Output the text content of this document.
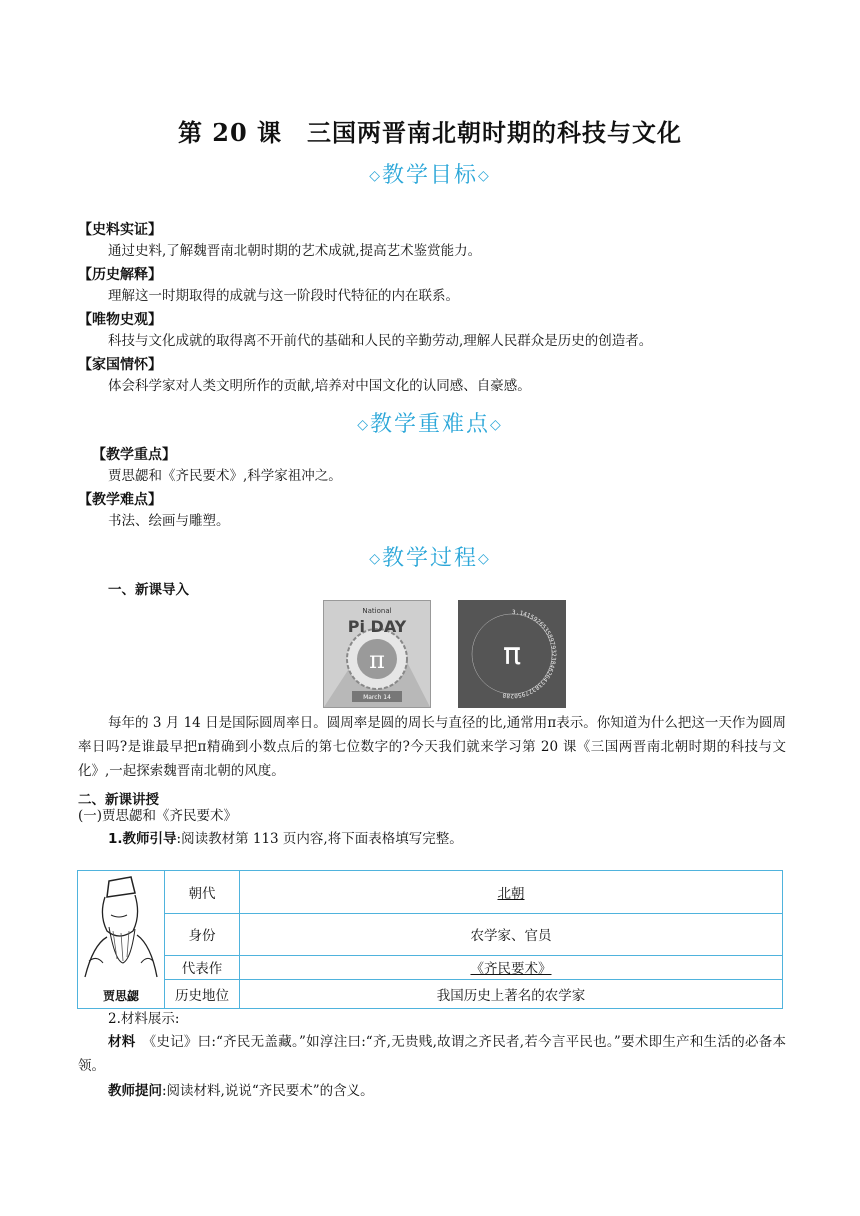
第 20 课　三国两晋南北朝时期的科技与文化
◇教学目标◇
【史料实证】
通过史料,了解魏晋南北朝时期的艺术成就,提高艺术鉴赏能力。
【历史解释】
理解这一时期取得的成就与这一阶段时代特征的内在联系。
【唯物史观】
科技与文化成就的取得离不开前代的基础和人民的辛勤劳动,理解人民群众是历史的创造者。
【家国情怀】
体会科学家对人类文明所作的贡献,培养对中国文化的认同感、自豪感。
◇教学重难点◇
【教学重点】
贾思勰和《齐民要术》,科学家祖冲之。
【教学难点】
书法、绘画与雕塑。
◇教学过程◇
一、新课导入
National
Pi DAY
π
March 14
3.14159265358979323846264338327950288
π
每年的 3 月 14 日是国际圆周率日。圆周率是圆的周长与直径的比,通常用π表示。你知道为什么把这一天作为圆周率日吗?是谁最早把π精确到小数点后的第七位数字的?今天我们就来学习第 20 课《三国两晋南北朝时期的科技与文化》,一起探索魏晋南北朝的风度。
二、新课讲授
(一)贾思勰和《齐民要术》
1.教师引导:阅读教材第 113 页内容,将下面表格填写完整。
贾思勰	朝代	北朝
	身份	农学家、官员
	代表作	《齐民要术》
	历史地位	我国历史上著名的农学家
2.材料展示:
材料　 《史记》曰:“齐民无盖藏。”如淳注曰:“齐,无贵贱,故谓之齐民者,若今言平民也。”要术即生产和生活的必备本领。
教师提问:阅读材料,说说“齐民要术”的含义。
